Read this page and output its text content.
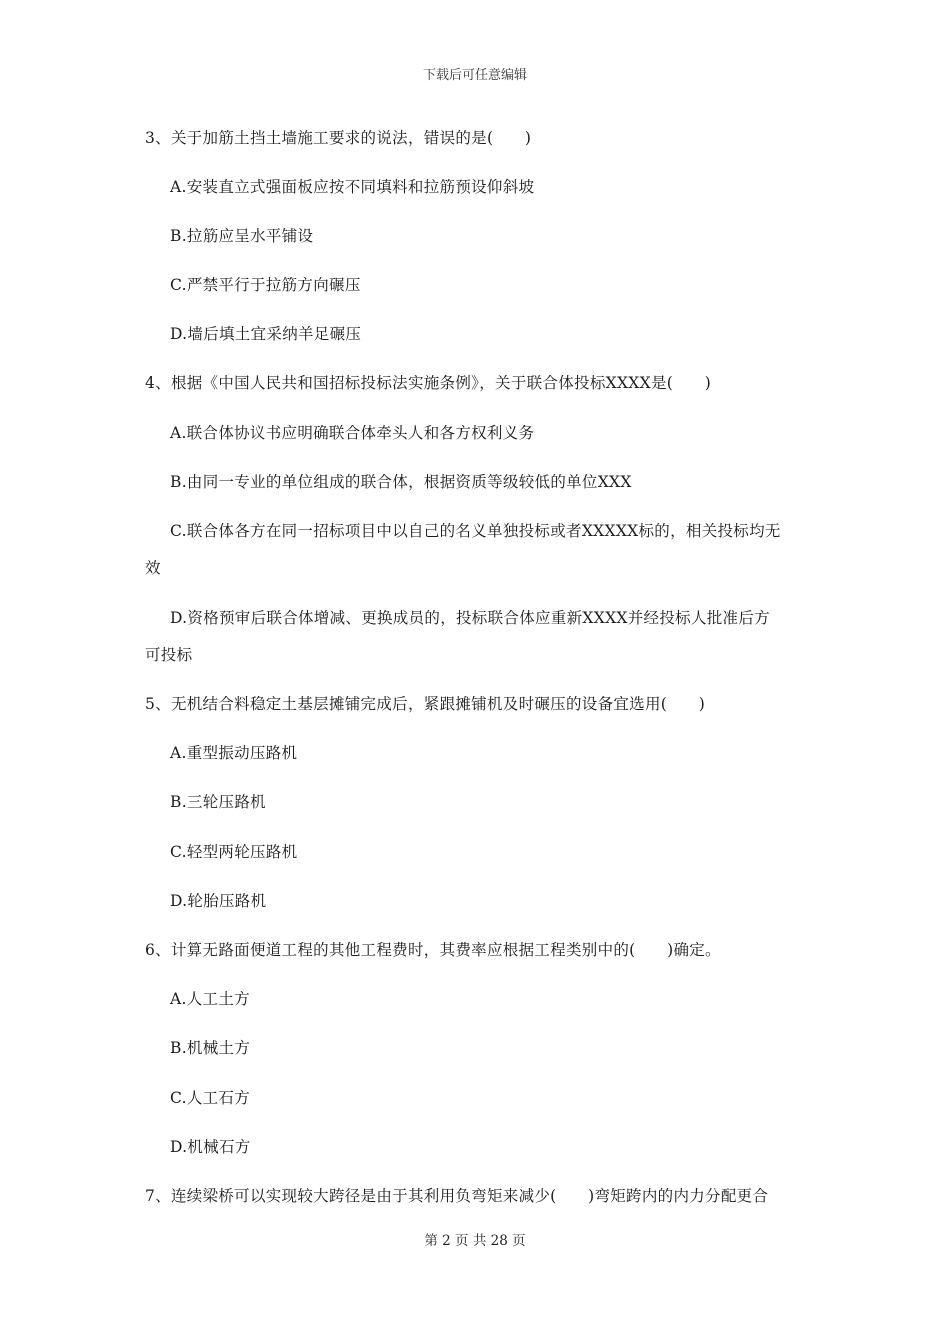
下载后可任意编辑
3、关于加筋土挡土墙施工要求的说法，错误的是(　　)
A.安装直立式强面板应按不同填料和拉筋预设仰斜坡
B.拉筋应呈水平铺设
C.严禁平行于拉筋方向碾压
D.墙后填土宜采纳羊足碾压
4、根据《中国人民共和国招标投标法实施条例》，关于联合体投标XXXX是(　　)
A.联合体协议书应明确联合体牵头人和各方权利义务
B.由同一专业的单位组成的联合体，根据资质等级较低的单位XXX
C.联合体各方在同一招标项目中以自己的名义单独投标或者XXXXX标的，相关投标均无
效
D.资格预审后联合体增减、更换成员的，投标联合体应重新XXXX并经投标人批准后方
可投标
5、无机结合料稳定土基层摊铺完成后，紧跟摊铺机及时碾压的设备宜选用(　　)
A.重型振动压路机
B.三轮压路机
C.轻型两轮压路机
D.轮胎压路机
6、计算无路面便道工程的其他工程费时，其费率应根据工程类别中的(　　)确定。
A.人工土方
B.机械土方
C.人工石方
D.机械石方
7、连续梁桥可以实现较大跨径是由于其利用负弯矩来减少(　　)弯矩跨内的内力分配更合
第 2 页 共 28 页
